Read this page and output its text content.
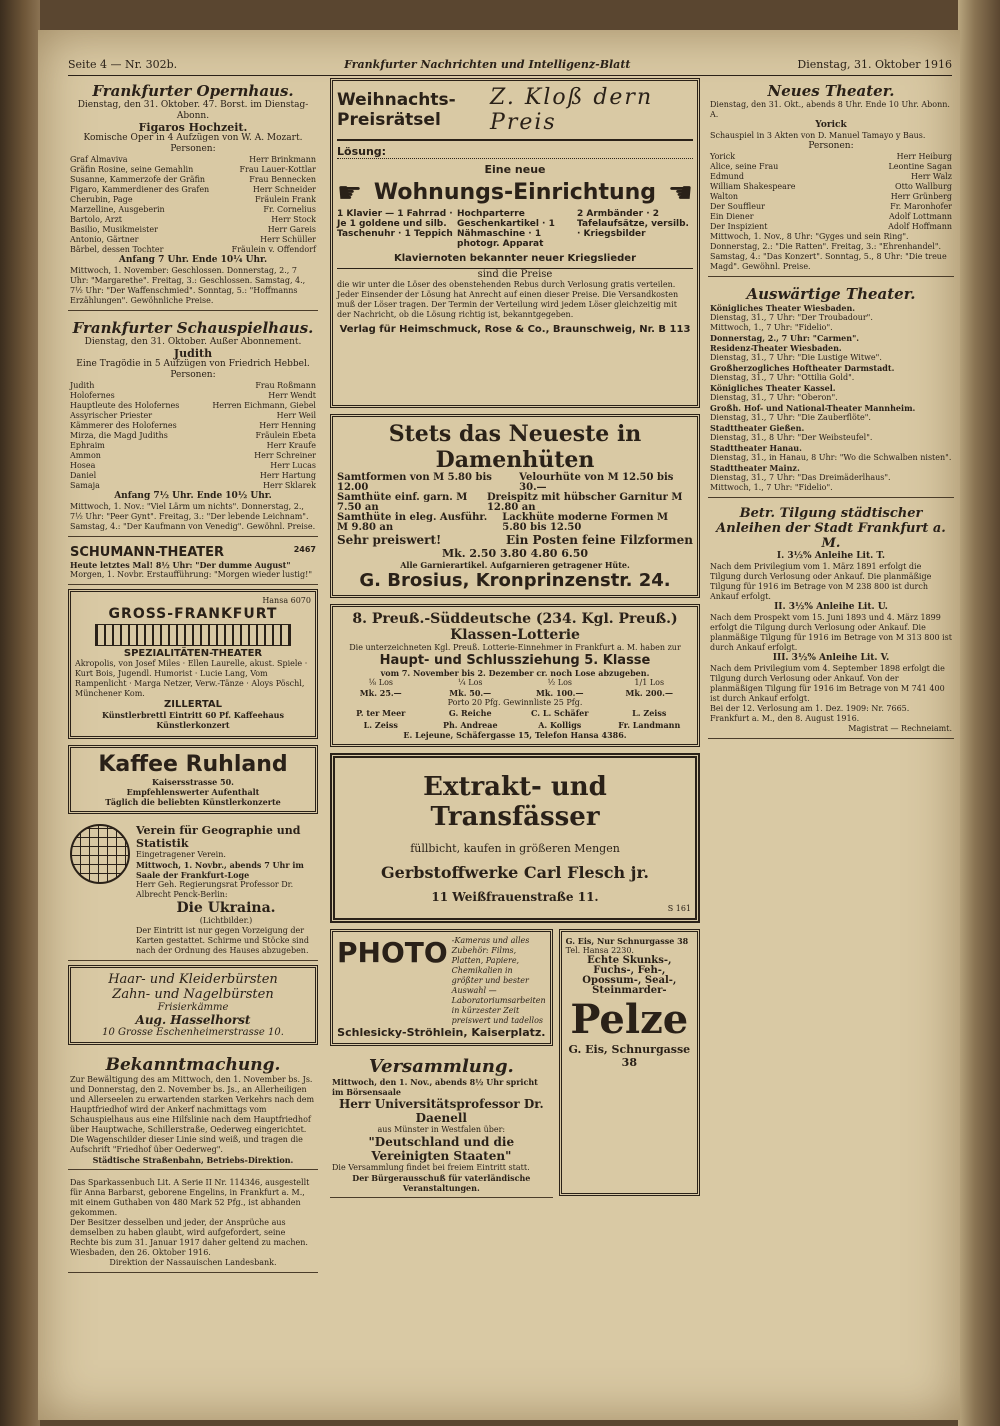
Seite 4 — Nr. 302b.	Frankfurter Nachrichten und Intelligenz-Blatt	Dienstag, 31. Oktober 1916
Frankfurter Opernhaus.
Dienstag, den 31. Oktober. 47. Borst. im Dienstag-Abonn.
Figaros Hochzeit.
Komische Oper in 4 Aufzügen von W. A. Mozart.
Personen:
Graf Almaviva	Herr Brinkmann
Gräfin Rosine, seine Gemahlin	Frau Lauer-Kottlar
Susanne, Kammerzofe der Gräfin	Frau Bennecken
Figaro, Kammerdiener des Grafen	Herr Schneider
Cherubin, Page	Fräulein Frank
Marzelline, Ausgeberin	Fr. Cornelius
Bartolo, Arzt	Herr Stock
Basilio, Musikmeister	Herr Gareis
Antonio, Gärtner	Herr Schüller
Bärbel, dessen Tochter	Fräulein v. Offendorf
Anfang 7 Uhr. Ende 10¼ Uhr.
Mittwoch, 1. November: Geschlossen. Donnerstag, 2., 7 Uhr: "Margarethe". Freitag, 3.: Geschlossen. Samstag, 4., 7½ Uhr: "Der Waffenschmied". Sonntag, 5.: "Hoffmanns Erzählungen". Gewöhnliche Preise.
Frankfurter Schauspielhaus.
Dienstag, den 31. Oktober. Außer Abonnement.
Judith
Eine Tragödie in 5 Aufzügen von Friedrich Hebbel.
Personen:
Judith	Frau Roßmann
Holofernes	Herr Wendt
Hauptleute des Holofernes	Herren Eichmann, Giebel
Assyrischer Priester	Herr Weil
Kämmerer des Holofernes	Herr Henning
Mirza, die Magd Judiths	Fräulein Ebeta
Ephraim	Herr Kraufe
Ammon	Herr Schreiner
Hosea	Herr Lucas
Daniel	Herr Hartung
Samaja	Herr Sklarek
Anfang 7½ Uhr. Ende 10½ Uhr.
Mittwoch, 1. Nov.: "Viel Lärm um nichts". Donnerstag, 2., 7½ Uhr: "Peer Gynt". Freitag, 3.: "Der lebende Leichnam". Samstag, 4.: "Der Kaufmann von Venedig". Gewöhnl. Preise.
SCHUMANN-THEATER	2467
Heute letztes Mal! 8½ Uhr: "Der dumme August"
Morgen, 1. Novbr. Erstaufführung: "Morgen wieder lustig!"
Hansa 6070
GROSS-FRANKFURT
SPEZIALITÄTEN-THEATER
Akropolis, von Josef Miles · Ellen Laurelle, akust. Spiele · Kurt Bois, Jugendl. Humorist · Lucie Lang, Vom Rampenlicht · Marga Netzer, Verw.-Tänze · Aloys Pöschl, Münchener Kom.
ZILLERTAL
Künstlerbrettl Eintritt 60 Pf. Kaffeehaus Künstlerkonzert
Kaffee Ruhland
Kaisersstrasse 50.
Empfehlenswerter Aufenthalt
Täglich die beliebten Künstlerkonzerte
Verein für Geographie und Statistik
Eingetragener Verein.
Mittwoch, 1. Novbr., abends 7 Uhr im Saale der Frankfurt-Loge
Herr Geh. Regierungsrat Professor Dr. Albrecht Penck-Berlin:
Die Ukraina.
(Lichtbilder.)
Der Eintritt ist nur gegen Vorzeigung der Karten gestattet. Schirme und Stöcke sind nach der Ordnung des Hauses abzugeben.
Haar- und Kleiderbürsten
Zahn- und Nagelbürsten
Frisierkämme
Aug. Hasselhorst
10 Grosse Eschenheimerstrasse 10.
Bekanntmachung.
Zur Bewältigung des am Mittwoch, den 1. November bs. Js. und Donnerstag, den 2. November bs. Js., an Allerheiligen und Allerseelen zu erwartenden starken Verkehrs nach dem Hauptfriedhof wird der Ankerf nachmittags vom Schauspielhaus aus eine Hilfslinie nach dem Hauptfriedhof über Hauptwache, Schillerstraße, Oederweg eingerichtet.
Die Wagenschilder dieser Linie sind weiß, und tragen die Aufschrift "Friedhof über Oederweg".
Städtische Straßenbahn, Betriebs-Direktion.
Das Sparkassenbuch Lit. A Serie II Nr. 114346, ausgestellt für Anna Barbarst, geborene Engelins, in Frankfurt a. M., mit einem Guthaben von 480 Mark 52 Pfg., ist abhanden gekommen.
Der Besitzer desselben und jeder, der Ansprüche aus demselben zu haben glaubt, wird aufgefordert, seine Rechte bis zum 31. Januar 1917 daher geltend zu machen.
Wiesbaden, den 26. Oktober 1916.
Direktion der Nassauischen Landesbank.
Weihnachts-Preisrätsel
Z. Kloß dern Preis
Lösung:
Eine neue
☛ Wohnungs-Einrichtung ☚
1 Klavier — 1 Fahrrad · Je 1 goldene und silb. Taschenuhr · 1 Teppich
Hochparterre Geschenkartikel · 1 Nähmaschine · 1 photogr. Apparat
2 Armbänder · 2 Tafelaufsätze, versilb. · Kriegsbilder
Klaviernoten bekannter neuer Kriegslieder
sind die Preise
die wir unter die Löser des obenstehenden Rebus durch Verlosung gratis verteilen. Jeder Einsender der Lösung hat Anrecht auf einen dieser Preise. Die Versandkosten muß der Löser tragen. Der Termin der Verteilung wird jedem Löser gleichzeitig mit der Nachricht, ob die Lösung richtig ist, bekanntgegeben.
Verlag für Heimschmuck, Rose & Co., Braunschweig, Nr. B 113
Stets das Neueste in Damenhüten
Samtformen von M 5.80 bis 12.00
Velourhüte von M 12.50 bis 30.—
Samthüte einf. garn. M 7.50 an
Dreispitz mit hübscher Garnitur M 12.80 an
Samthüte in eleg. Ausführ. M 9.80 an
Lackhüte moderne Formen M 5.80 bis 12.50
Sehr preiswert!	Ein Posten feine Filzformen
Mk. 2.50 3.80 4.80 6.50
Alle Garnierartikel. Aufgarnieren getragener Hüte.
G. Brosius, Kronprinzenstr. 24.
8. Preuß.-Süddeutsche (234. Kgl. Preuß.) Klassen-Lotterie
Die unterzeichneten Kgl. Preuß. Lotterie-Einnehmer in Frankfurt a. M. haben zur
Haupt- und Schlussziehung 5. Klasse
vom 7. November bis 2. Dezember cr. noch Lose abzugeben.
⅛ Los	¼ Los	½ Los	1/1 Los
Mk. 25.—	Mk. 50.—	Mk. 100.—	Mk. 200.—
Porto 20 Pfg. Gewinnliste 25 Pfg.
P. ter Meer	G. Reiche	C. L. Schäfer	L. Zeiss
L. Zeiss	Ph. Andreae	A. Kolligs	Fr. Landmann
E. Lejeune, Schäfergasse 15, Telefon Hansa 4386.
Extrakt- und Transfässer
füllbicht, kaufen in größeren Mengen
Gerbstoffwerke Carl Flesch jr.
11 Weißfrauenstraße 11.
S 161
PHOTO -Kameras und alles Zubehör: Films, Platten, Papiere, Chemikalien in größter und bester Auswahl — Laboratoriumsarbeiten in kürzester Zeit preiswert und tadellos
Schlesicky-Ströhlein, Kaiserplatz.
Versammlung.
Mittwoch, den 1. Nov., abends 8½ Uhr spricht im Börsensaale
Herr Universitätsprofessor Dr. Daenell
aus Münster in Westfalen über:
"Deutschland und die Vereinigten Staaten"
Die Versammlung findet bei freiem Eintritt statt.
Der Bürgerausschuß für vaterländische Veranstaltungen.
G. Eis, Nur Schnurgasse 38
Tel. Hansa 2230.
Echte Skunks-, Fuchs-, Feh-, Opossum-, Seal-, Steinmarder-
Pelze
G. Eis, Schnurgasse 38
Neues Theater.
Dienstag, den 31. Okt., abends 8 Uhr. Ende 10 Uhr. Abonn. A.
Yorick
Schauspiel in 3 Akten von D. Manuel Tamayo y Baus.
Personen:
Yorick	Herr Heiburg
Alice, seine Frau	Leontine Sagan
Edmund	Herr Walz
William Shakespeare	Otto Wallburg
Walton	Herr Grünberg
Der Souffleur	Fr. Maronhofer
Ein Diener	Adolf Lottmann
Der Inspizient	Adolf Hoffmann
Mittwoch, 1. Nov., 8 Uhr: "Gyges und sein Ring". Donnerstag, 2.: "Die Ratten". Freitag, 3.: "Ehrenhandel". Samstag, 4.: "Das Konzert". Sonntag, 5., 8 Uhr: "Die treue Magd". Gewöhnl. Preise.
Auswärtige Theater.
Königliches Theater Wiesbaden.
Dienstag, 31., 7 Uhr: "Der Troubadour".
Mittwoch, 1., 7 Uhr: "Fidelio".
Donnerstag, 2., 7 Uhr: "Carmen".
Residenz-Theater Wiesbaden.
Dienstag, 31., 7 Uhr: "Die Lustige Witwe".
Großherzogliches Hoftheater Darmstadt.
Dienstag, 31., 7 Uhr: "Ottilia Gold".
Königliches Theater Kassel.
Dienstag, 31., 7 Uhr: "Oberon".
Großh. Hof- und National-Theater Mannheim.
Dienstag, 31., 7 Uhr: "Die Zauberflöte".
Stadttheater Gießen.
Dienstag, 31., 8 Uhr: "Der Weibsteufel".
Stadttheater Hanau.
Dienstag, 31., in Hanau, 8 Uhr: "Wo die Schwalben nisten".
Stadttheater Mainz.
Dienstag, 31., 7 Uhr: "Das Dreimäderlhaus".
Mittwoch, 1., 7 Uhr: "Fidelio".
Betr. Tilgung städtischer Anleihen der Stadt Frankfurt a. M.
I. 3½% Anleihe Lit. T.
Nach dem Privilegium vom 1. März 1891 erfolgt die Tilgung durch Verlosung oder Ankauf. Die planmäßige Tilgung für 1916 im Betrage von M 238 800 ist durch Ankauf erfolgt.
II. 3½% Anleihe Lit. U.
Nach dem Prospekt vom 15. Juni 1893 und 4. März 1899 erfolgt die Tilgung durch Verlosung oder Ankauf. Die planmäßige Tilgung für 1916 im Betrage von M 313 800 ist durch Ankauf erfolgt.
III. 3½% Anleihe Lit. V.
Nach dem Privilegium vom 4. September 1898 erfolgt die Tilgung durch Verlosung oder Ankauf. Von der planmäßigen Tilgung für 1916 im Betrage von M 741 400 ist durch Ankauf erfolgt.
Bei der 12. Verlosung am 1. Dez. 1909: Nr. 7665.
Frankfurt a. M., den 8. August 1916.
Magistrat — Rechneiamt.
